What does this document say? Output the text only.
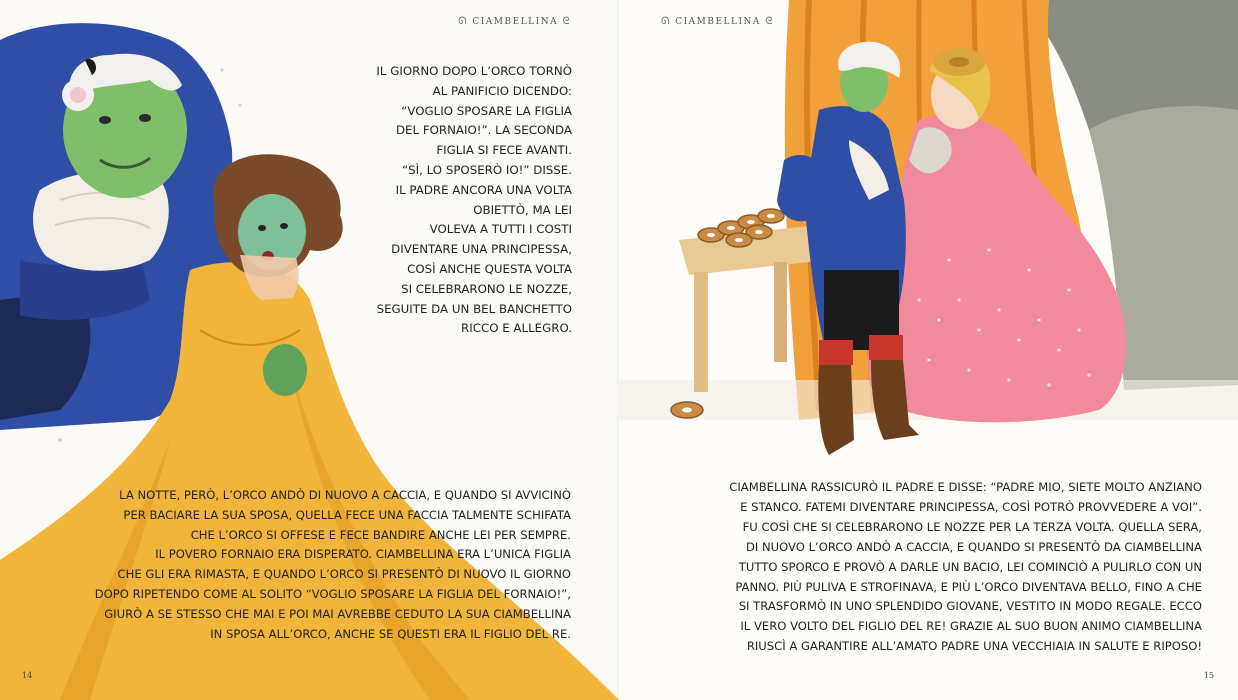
ᘏ CIAMBELLINA ᘓ
IL GIORNO DOPO L’ORCO TORNÒ
AL PANIFICIO DICENDO:
“VOGLIO SPOSARE LA FIGLIA
DEL FORNAIO!”. LA SECONDA
FIGLIA SI FECE AVANTI.
“SÌ, LO SPOSERÒ IO!” DISSE.
IL PADRE ANCORA UNA VOLTA
OBIETTÒ, MA LEI
VOLEVA A TUTTI I COSTI
DIVENTARE UNA PRINCIPESSA,
COSÌ ANCHE QUESTA VOLTA
SI CELEBRARONO LE NOZZE,
SEGUITE DA UN BEL BANCHETTO
RICCO E ALLEGRO.
LA NOTTE, PERÒ, L’ORCO ANDÒ DI NUOVO A CACCIA, E QUANDO SI AVVICINÒ
PER BACIARE LA SUA SPOSA, QUELLA FECE UNA FACCIA TALMENTE SCHIFATA
CHE L’ORCO SI OFFESE E FECE BANDIRE ANCHE LEI PER SEMPRE.
IL POVERO FORNAIO ERA DISPERATO. CIAMBELLINA ERA L’UNICA FIGLIA
CHE GLI ERA RIMASTA, E QUANDO L’ORCO SI PRESENTÒ DI NUOVO IL GIORNO
DOPO RIPETENDO COME AL SOLITO “VOGLIO SPOSARE LA FIGLIA DEL FORNAIO!”,
GIURÒ A SE STESSO CHE MAI E POI MAI AVREBBE CEDUTO LA SUA CIAMBELLINA
IN SPOSA ALL’ORCO, ANCHE SE QUESTI ERA IL FIGLIO DEL RE.
14
ᘏ CIAMBELLINA ᘓ
CIAMBELLINA RASSICURÒ IL PADRE E DISSE: “PADRE MIO, SIETE MOLTO ANZIANO
E STANCO. FATEMI DIVENTARE PRINCIPESSA, COSÌ POTRÒ PROVVEDERE A VOI”.
FU COSÌ CHE SI CELEBRARONO LE NOZZE PER LA TERZA VOLTA. QUELLA SERA,
DI NUOVO L’ORCO ANDÒ A CACCIA, E QUANDO SI PRESENTÒ DA CIAMBELLINA
TUTTO SPORCO E PROVÒ A DARLE UN BACIO, LEI COMINCIÒ A PULIRLO CON UN
PANNO. PIÙ PULIVA E STROFINAVA, E PIÙ L’ORCO DIVENTAVA BELLO, FINO A CHE
SI TRASFORMÒ IN UNO SPLENDIDO GIOVANE, VESTITO IN MODO REGALE. ECCO
IL VERO VOLTO DEL FIGLIO DEL RE! GRAZIE AL SUO BUON ANIMO CIAMBELLINA
RIUSCÌ A GARANTIRE ALL’AMATO PADRE UNA VECCHIAIA IN SALUTE E RIPOSO!
15
